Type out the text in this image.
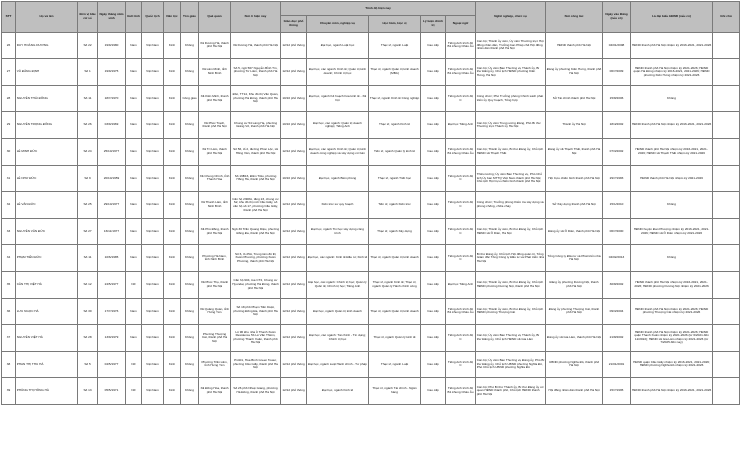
STT	Họ và tên	Đơn vị bầu cử số	Ngày tháng năm sinh	Giới tính	Quốc tịch	Dân tộc	Tôn giáo	Quê quán	Nơi ở hiện nay	Trình độ hiện nay					Nghề nghiệp, chức vụ	Nơi công tác	Ngày vào Đảng (nếu có)	Là đại biểu HĐND (nếu có)	Ghi chú
										Giáo dục phổ thông	Chuyên môn, nghiệp vụ	Học hàm, Học vị	Lý luận chính trị	Ngoại ngữ					
26	DUY HOÀNG DƯƠNG	Số 22	19/9/1980	Nam	Việt Nam	Kinh	Không	Xã Dương Hà, thành phố Hà Nội	Xã Dương Hà, thành phố Hà Nội	12/12 phổ thông	Đại học, ngành Luật học	Thạc sĩ, ngành Luật	Cao cấp	Tiếng Anh trình độ B1 khung Châu Âu	Cán bộ; Thành ủy viên, Ủy viên Thường trực Hội đồng nhân dân, Trưởng ban Pháp chế Hội đồng nhân dân thành phố Hà Nội	HĐND thành phố Hà Nội	04/01/2008	HĐND thành phố Hà Nội nhiệm kỳ 2016-2021, 2021-2026	
27	VŨ ĐĂNG ĐỊNH	Số 1	19/9/1975	Nam	Việt Nam	Kinh	Không	Xã Lâm Minh, tỉnh Ninh Bình	Số 5, ngõ 567 Nguyễn Bỉnh Tín, phường Từ Liêm, thành phố Hà Nội	12/12 phổ thông	Đại học, các ngành: Kinh tế; Quản trị kinh doanh; Chính trị học	Thạc sĩ, ngành Quản trị kinh doanh (MBA)	Cao cấp	Tiếng Anh trình độ B1 khung Châu Âu	Cán bộ; Ủy viên Ban Thường vụ Thành ủy, Bí thư Đảng ủy, Chủ tịch HĐND phường Kiến Hưng, Hà Nội	Đảng ủy phường Kiến Hưng, thành phố Hà Nội	06/7/2009	HĐND thành phố Hà Nội nhiệm kỳ 2021-2026; HĐND quận Hà Đông nhiệm kỳ 2016-2021, 2021-2026; HĐND phường Kiến Hưng nhiệm kỳ 2021-2026	
28	NGUYỄN THÁI ĐÔNG	Số 11	18/7/1970	Nam	Việt Nam	Kinh	Công giáo	Xã Kiến Minh, thành phố Hà Nội	Đốc, TT14, Khu đô thị Văn Quán, phường Hà Đông, thành phố Hà Nội	10/10 phổ thông	Đại học, ngành Kế hoạch hóa kinh tế - Xã hội	Thạc sĩ, ngành Kinh tế Công nghiệp	Cao cấp	Tiếng Anh trình độ C	Công chức; Phó Trưởng phòng Chính sách phát triển ủy Quy hoạch, Tổng hợp	Sở Tài chính thành phố Hà Nội	15/8/2006	Không	
29	NGUYỄN TRỌNG ĐÔNG	Số 26	03/9/1969	Nam	Việt Nam	Kinh	Không	Xã Phúc Trạch, thành phố Hà Nội	Chung cư 54 Láng Hạ, phường Giảng Võ, thành phố Hà Nội	10/10 phổ thông	Đại học, các ngành: Quản trị doanh nghiệp; Tiếng Anh	Thạc sĩ, ngành Kinh tế	Cao cấp	Đại học Tiếng Anh	Cán bộ; Ủy viên Trung ương Đảng, Phó Bí thư Thường trực Thành ủy Hà Nội	Thành ủy Hà Nội	18/4/2002	HĐND thành phố Hà Nội nhiệm kỳ 2016-2021, 2021-2026	
30	LÊ MINH ĐỨC	Số 24	25/10/1977	Nam	Việt Nam	Kinh	Không	Xã Trí Lâm, thành phố Hà Nội	Số 56, tổ 2, đường Phúc Lộc, xã Hồng Vân, thành phố Hà Nội	12/12 phổ thông	Đại học, các ngành: Kinh tế; Quản trị kinh doanh công nghiệp và xây dựng cơ bản	Tiến sĩ, ngành Quản lý kinh tế	Cao cấp	Tiếng Anh trình độ B1 khung Châu Âu	Cán bộ; Thành ủy viên, Bí thư Đảng ủy, Chủ tịch HĐND xã Thạch Thất	Đảng ủy xã Thạch Thất, thành phố Hà Nội	07/3/2002	HĐND thành phố Hà Nội nhiệm kỳ 2016-2021, 2021-2026; HĐND xã Thạch Thất nhiệm kỳ 2021-2026	
31	LÊ NHƯ ĐỨC	Số 9	20/10/1959	Nam	Việt Nam	Kinh	Không	Xã Chung Chính, tỉnh Thanh Hóa	Số 19B16, Đầm Trấu, phường Hồng Hà, thành phố Hà Nội	10/10 phổ thông	Đại học, ngành Biên phòng	Thạc sĩ, ngành Triết học	Cao cấp	Tiếng Anh trình độ C	Thiếu tướng; Ủy viên Ban Thường vụ, Phó Chủ tịch Ủy ban MTTQ Việt Nam thành phố Hà Nội; Chủ tịch Hội Cựu chiến binh thành phố Hà Nội	Hội Cựu chiến binh thành phố Hà Nội	29/7/1983	HĐND thành phố Hà Nội nhiệm kỳ 2021-2026	
32	LÊ VĂN ĐỨC	Số 25	29/10/1977	Nam	Việt Nam	Kinh	Không	Xã Thanh Lâm, tỉnh Ninh Bình	Căn hộ 2308A, tầng 23, chung cư S2, khu đô thị mới Cầu Giấy, số căn hộ số 17, phường Cầu Giấy, thành phố Hà Nội	12/12 phổ thông	Kiến trúc sư quy hoạch	Tiến sĩ, ngành Kiến trúc	Cao cấp	Tiếng Anh trình độ C	Công chức; Trưởng phòng Kiểm tra xây dựng và phòng chống, chữa cháy	Sở Xây dựng thành phố Hà Nội	15/1/2010	Không	
33	NGUYỄN VĂN ĐỨC	Số 27	16/11/1977	Nam	Việt Nam	Kinh	Không	Xã Phú Đồng, thành phố Hà Nội	Ngõ 30 Trần Quang Diệu, phường Đống Đa, thành phố Hà Nội	12/12 phổ thông	Đại học, ngành Tin học xây dựng công trình	Thạc sĩ, ngành Xây dựng	Cao cấp	Tiếng Anh trình độ C	Cán bộ; Thành ủy viên, Bí thư Đảng ủy, Chủ tịch HĐND xã Ô Diên, Hà Nội	Đảng ủy xã Ô Diên, thành phố Hà Nội	06/7/2000	HĐND huyện Đan Phượng nhiệm kỳ 2016-2021, 2021-2026; HĐND xã Ô Diên nhiệm kỳ 2021-2026	
34	PHẠM TIẾN ĐỨC	Số 11	10/6/1985	Nam	Việt Nam	Kinh	Không	Phường Hà Nam, tỉnh Ninh Bình	Số 6, lô 25A, Trung tâm đô thị Xuân Phương, phường Xuân Phương, thành phố Hà Nội	12/12 phổ thông	Đại học, các ngành: Kinh tế Đầu tư; Kinh tế	Thạc sĩ, ngành Quản trị kinh doanh	Cao cấp	Tiếng Anh trình độ C	Bí thư Đảng ủy, Chủ tịch Hội đồng quản trị, Tổng Giám đốc Tổng Công ty Đầu tư và Phát triển nhà Hà Nội	Tổng Công ty Đầu tư và Phát triển nhà Hà Nội	04/02/2013	Không	
35	CẦN THỊ VIỆT HÀ	Số 12	24/5/1977	Nữ	Việt Nam	Kinh	Không	Xã Phúc Thọ, thành phố Hà Nội	Căn hộ 904, tòa CT2, Chung cư Hyundai, phường Hà Đông, thành phố Hà Nội	12/12 phổ thông	Đại học, các ngành: Chính trị học; Quản lý Quốc tế; Chính trị học; Tiếng Anh	Thạc sĩ, ngành Kinh tế; Thạc sĩ, ngành Quản lý Hành chính công	Cao cấp	Đại học Tiếng Anh	Cán bộ; Thành ủy viên, Bí thư Đảng ủy, Chủ tịch HĐND phường Dương Nội, thành phố Hà Nội	Đảng ủy phường Dương Nội, thành phố Hà Nội	30/8/2002	HĐND thành phố Hà Nội nhiệm kỳ 2016-2021, 2021-2026; HĐND phường Dương Nội nhiệm kỳ 2021-2026	
36	LƯU NGỌC HÀ	Số 30	17/7/1976	Nam	Việt Nam	Kinh	Không	Xã Quảng Quán, tỉnh Hưng Yên	Số 18 phố Phạm Tiến Duật, phường Đống Đa, thành phố Hà Nội	12/12 phổ thông	Đại học, ngành Quản trị kinh doanh	Thạc sĩ, ngành Quản trị kinh doanh	Cao cấp	Tiếng Anh trình độ B1 khung Châu Âu	Cán bộ; Thành ủy viên, Bí thư Đảng ủy, Chủ tịch HĐND phường Thượng Cát	Đảng ủy phường Thượng Cát, thành phố Hà Nội	09/3/2004	HĐND thành phố Hà Nội nhiệm kỳ 2021-2026; HĐND phường Thượng Cát nhiệm kỳ 2021-2026	
37	NGUYỄN VIỆT HÀ	Số 28	13/9/1979	Nam	Việt Nam	Kinh	Không	Phường Thượng Cát, thành phố Hà Nội	Lô 96 khu nhà ở Thanh Xuân Residence 5b Lê Văn Thiêm, phường Thanh Xuân, thành phố Hà Nội	12/12 phổ thông	Đại học, các ngành: Tài chính - Tín dụng; Chính trị học	Thạc sĩ, ngành Quản lý kinh tế	Cao cấp	Tiếng Anh trình độ C	Cán bộ; Ủy viên Ban Thường vụ Thành ủy, Bí thư Đảng ủy, Chủ tịch HĐND xã Gia Lâm	Đảng ủy xã Gia Lâm, thành phố Hà Nội	21/8/2002	HĐND thành phố Hà Nội nhiệm kỳ 2021-2026; HĐND quận Thanh Xuân nhiệm kỳ 2021-2026 (từ 6/2021 đến 12/2022); HĐND xã Gia Lâm nhiệm kỳ 2021-2026 (từ 7/2025 đến nay)	
38	PHAN THỊ THU HÀ	Số 5	04/5/1977	Nữ	Việt Nam	Kinh	Không	Phường Trần Lãm, tỉnh Hưng Yên	P1401, Hòa Bình Green Tower, phường Cầu Giấy, thành phố Hà Nội	12/12 phổ thông	Đại học, ngành Luật Hành chính - Tư pháp	Thạc sĩ, ngành Luật	Cao cấp	Tiếng Anh trình độ C	Cán bộ; Ủy viên Ban Thường vụ Đảng ủy, Phó Bí thư Đảng ủy, Chủ tịch UBND phường Nghĩa Đô, Phó Chủ tịch UBND phường Nghĩa Đô	UBND phường Nghĩa Đô, thành phố Hà Nội	21/01/2001	HĐND quận Cầu Giấy nhiệm kỳ 2016-2021, 2021-2026; HĐND phường Nghĩa Đô nhiệm kỳ 2021-2026	
39	PHÙNG THỊ HỒNG HÀ	Số 13	05/5/1971	Nữ	Việt Nam	Kinh	Không	Xã Đồng Hòa, thành phố Hà Nội	Số 26 phố Nhuệ Giang, phường Hà Đông, thành phố Hà Nội	12/12 phổ thông	Đại học, ngành Kinh tế	Thạc sĩ, ngành Tài chính - Ngân hàng	Cao cấp	Tiếng Anh trình độ B1 khung Châu Âu	Cán bộ; Phó Bí thư Thành ủy, Bí thư Đảng ủy cơ quan HĐND thành phố, Chủ tịch HĐND thành phố Hà Nội	Hội đồng nhân dân thành phố Hà Nội	15/7/1995	HĐND thành phố Hà Nội nhiệm kỳ 2016-2021, 2021-2026	
